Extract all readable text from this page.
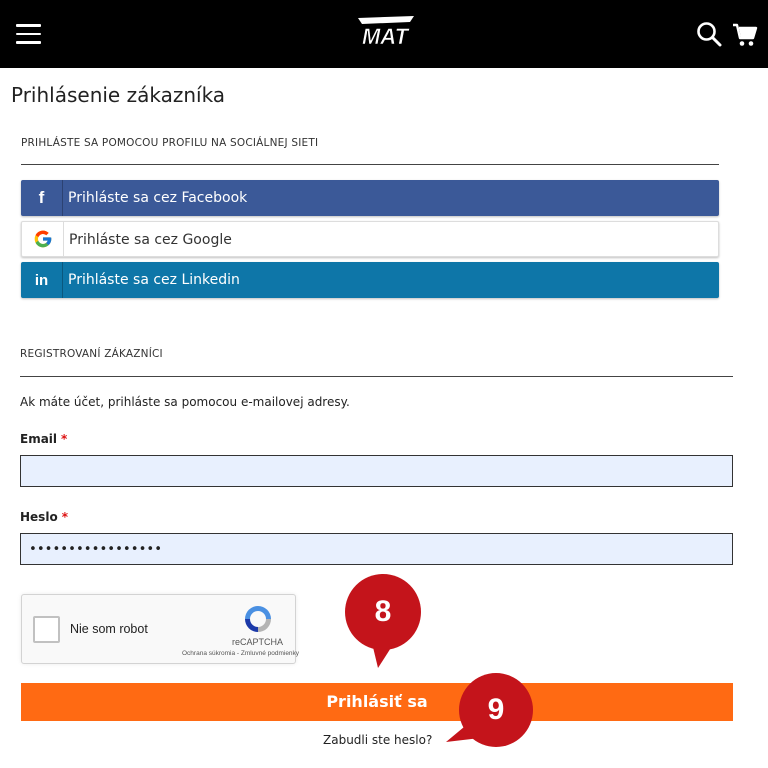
MAT
Prihlásenie zákazníka
PRIHLÁSTE SA POMOCOU PROFILU NA SOCIÁLNEJ SIETI
f Prihláste sa cez Facebook
Prihláste sa cez Google
in Prihláste sa cez Linkedin
REGISTROVANÍ ZÁKAZNÍCI
Ak máte účet, prihláste sa pomocou e-mailovej adresy.
Email *
Heslo *
•••••••••••••••••
Nie som robot
reCAPTCHA
Ochrana súkromia - Zmluvné podmienky
Prihlásiť sa
Zabudli ste heslo?
8
9
